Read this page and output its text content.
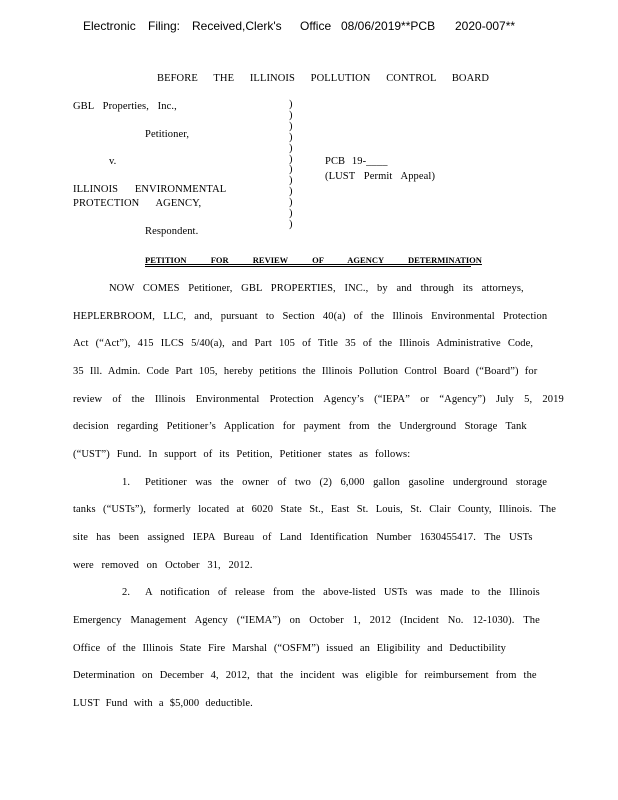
Electronic Filing: Received,Clerk's Office 08/06/2019**PCB 2020-007**
BEFORE THE ILLINOIS POLLUTION CONTROL BOARD
GBL Properties, Inc.,
Petitioner,
v.
ILLINOIS ENVIRONMENTAL
PROTECTION AGENCY,
Respondent.
)
)
)
)
)
)
)
)
)
)
)
)
PCB 19-____
(LUST Permit Appeal)
PETITION FOR REVIEW OF AGENCY DETERMINATION
NOW COMES Petitioner, GBL PROPERTIES, INC., by and through its attorneys,
HEPLERBROOM, LLC, and, pursuant to Section 40(a) of the Illinois Environmental Protection
Act (“Act”), 415 ILCS 5/40(a), and Part 105 of Title 35 of the Illinois Administrative Code,
35 Ill. Admin. Code Part 105, hereby petitions the Illinois Pollution Control Board (“Board”) for
review of the Illinois Environmental Protection Agency’s (“IEPA” or “Agency”) July 5, 2019
decision regarding Petitioner’s Application for payment from the Underground Storage Tank
(“UST”) Fund. In support of its Petition, Petitioner states as follows:
1. Petitioner was the owner of two (2) 6,000 gallon gasoline underground storage
tanks (“USTs”), formerly located at 6020 State St., East St. Louis, St. Clair County, Illinois. The
site has been assigned IEPA Bureau of Land Identification Number 1630455417. The USTs
were removed on October 31, 2012.
2. A notification of release from the above-listed USTs was made to the Illinois
Emergency Management Agency (“IEMA”) on October 1, 2012 (Incident No. 12-1030). The
Office of the Illinois State Fire Marshal (“OSFM”) issued an Eligibility and Deductibility
Determination on December 4, 2012, that the incident was eligible for reimbursement from the
LUST Fund with a $5,000 deductible.
